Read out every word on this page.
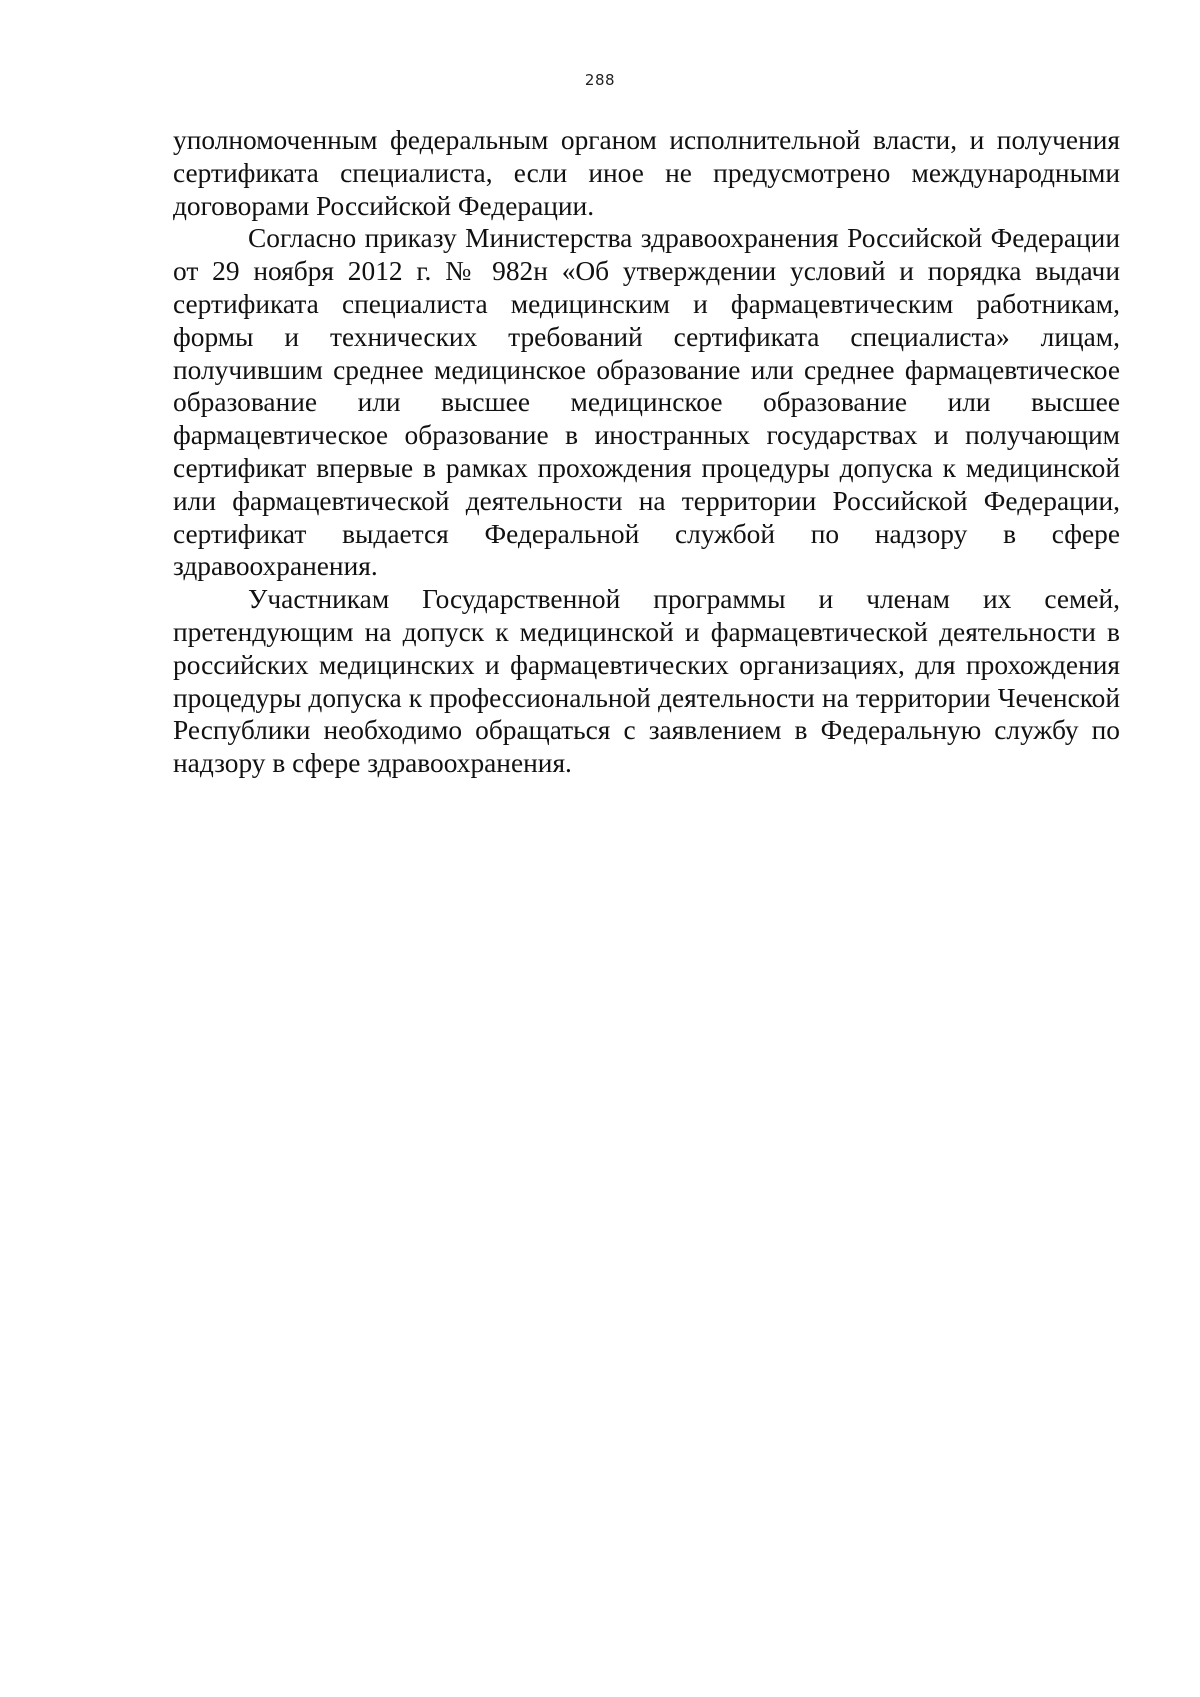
288

уполномоченным федеральным органом исполнительной власти, и получения сертификата специалиста, если иное не предусмотрено международными договорами Российской Федерации.

Согласно приказу Министерства здравоохранения Российской Федерации от 29 ноября 2012 г. № 982н «Об утверждении условий и порядка выдачи сертификата специалиста медицинским и фармацевтическим работникам, формы и технических требований сертификата специалиста» лицам, получившим среднее медицинское образование или среднее фармацевтическое образование или высшее медицинское образование или высшее фармацевтическое образование в иностранных государствах и получающим сертификат впервые в рамках прохождения процедуры допуска к медицинской или фармацевтической деятельности на территории Российской Федерации, сертификат выдается Федеральной службой по надзору в сфере здравоохранения.

Участникам Государственной программы и членам их семей, претендующим на допуск к медицинской и фармацевтической деятельности в российских медицинских и фармацевтических организациях, для прохождения процедуры допуска к профессиональной деятельности на территории Чеченской Республики необходимо обращаться с заявлением в Федеральную службу по надзору в сфере здравоохранения.
